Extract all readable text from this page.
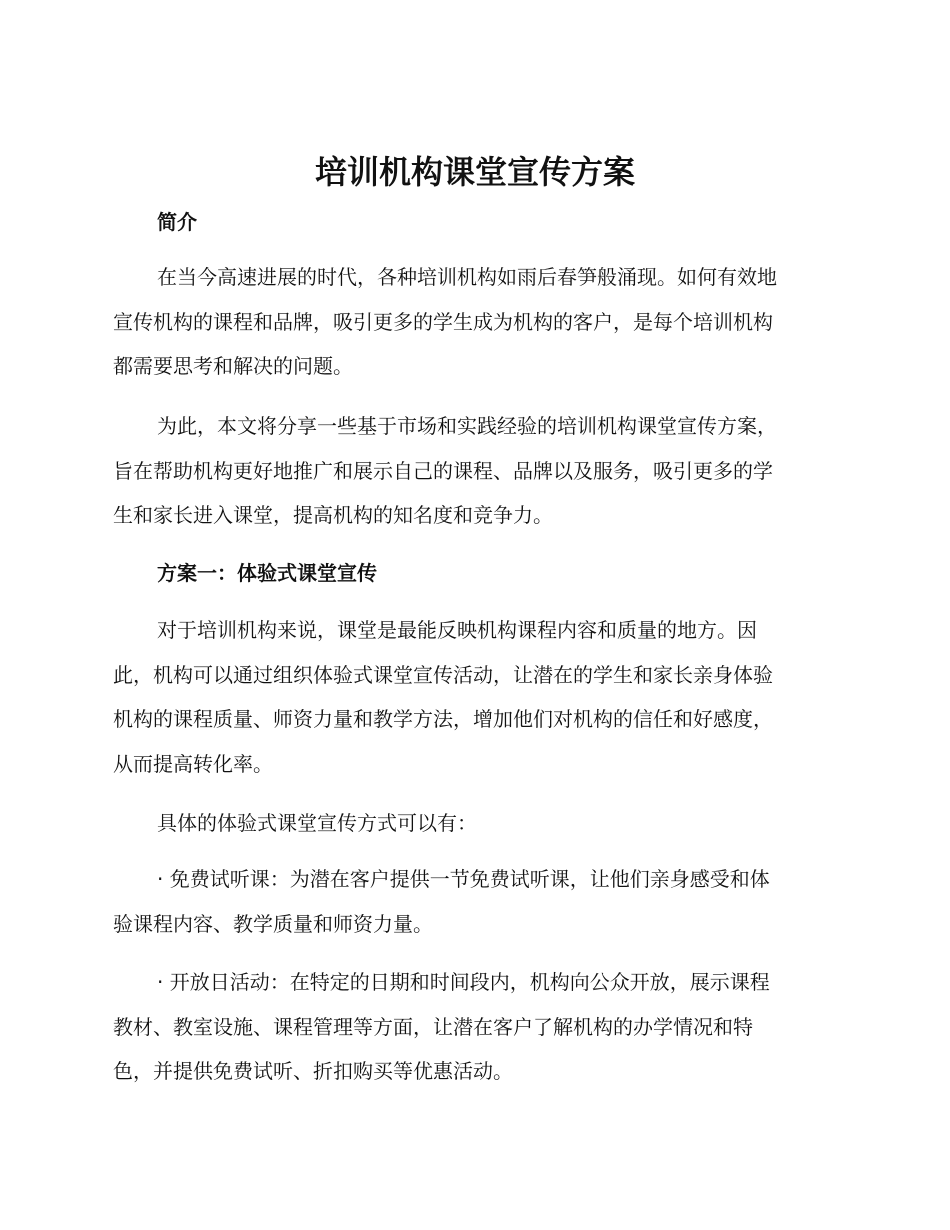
培训机构课堂宣传方案
简介

在当今高速进展的时代，各种培训机构如雨后春笋般涌现。如何有效地
宣传机构的课程和品牌，吸引更多的学生成为机构的客户，是每个培训机构
都需要思考和解决的问题。

为此，本文将分享一些基于市场和实践经验的培训机构课堂宣传方案，
旨在帮助机构更好地推广和展示自己的课程、品牌以及服务，吸引更多的学
生和家长进入课堂，提高机构的知名度和竞争力。

方案一：体验式课堂宣传

对于培训机构来说，课堂是最能反映机构课程内容和质量的地方。因
此，机构可以通过组织体验式课堂宣传活动，让潜在的学生和家长亲身体验
机构的课程质量、师资力量和教学方法，增加他们对机构的信任和好感度，
从而提高转化率。

具体的体验式课堂宣传方式可以有：

· 免费试听课：为潜在客户提供一节免费试听课，让他们亲身感受和体
验课程内容、教学质量和师资力量。

· 开放日活动：在特定的日期和时间段内，机构向公众开放，展示课程
教材、教室设施、课程管理等方面，让潜在客户了解机构的办学情况和特
色，并提供免费试听、折扣购买等优惠活动。
